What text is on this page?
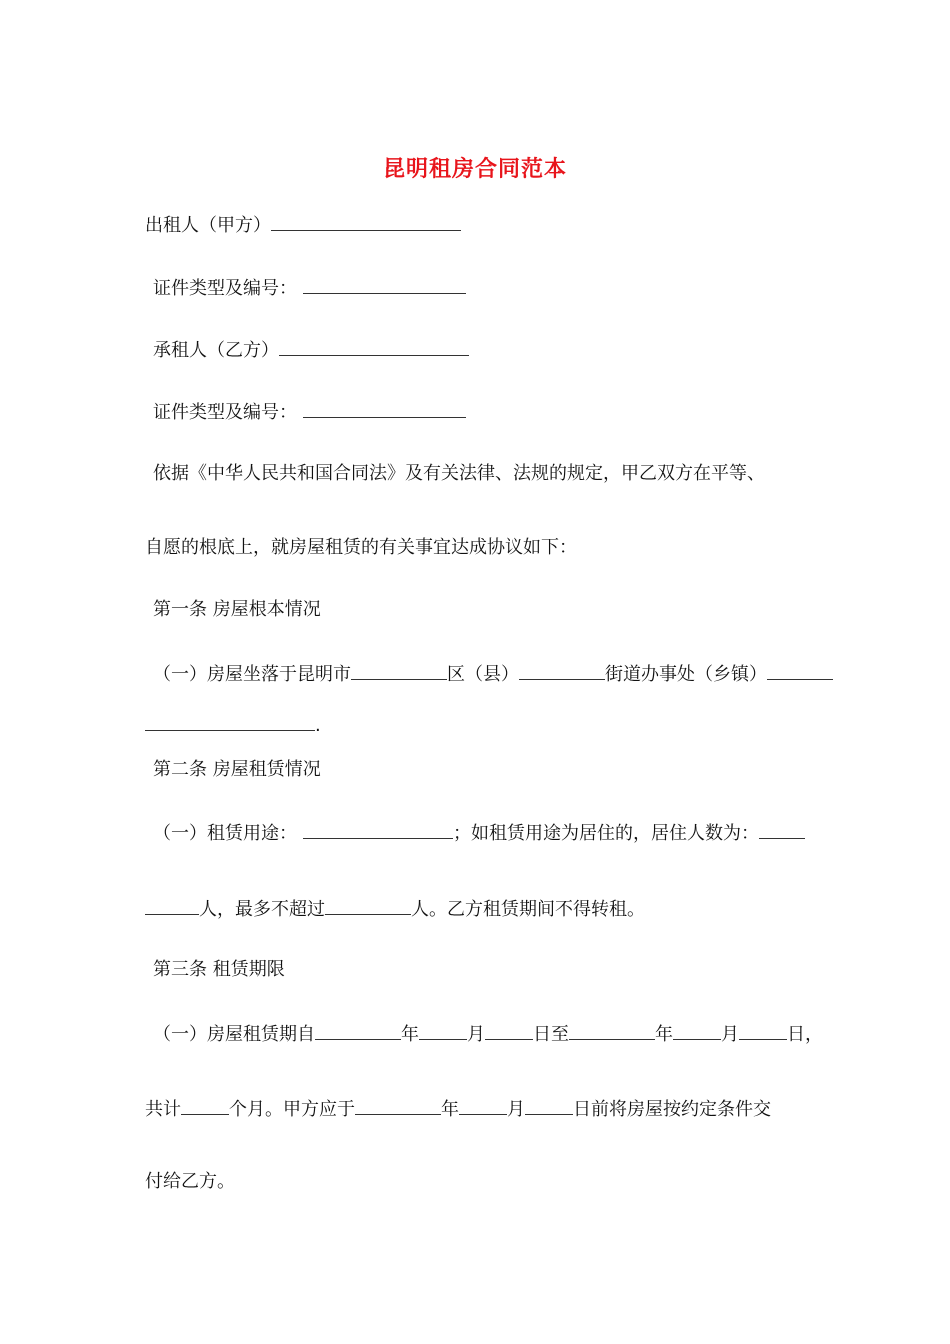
昆明租房合同范本
出租人（甲方）
证件类型及编号：
承租人（乙方）
证件类型及编号：
依据《中华人民共和国合同法》及有关法律、法规的规定，甲乙双方在平等、
自愿的根底上，就房屋租赁的有关事宜达成协议如下：
第一条 房屋根本情况
（一）房屋坐落于昆明市	区（县）	街道办事处（乡镇）
.
第二条 房屋租赁情况
（一）租赁用途：	；如租赁用途为居住的，居住人数为：
人，最多不超过	人。乙方租赁期间不得转租。
第三条 租赁期限
（一）房屋租赁期自	年	月	日至	年	月	日，
共计	个月。甲方应于	年	月	日前将房屋按约定条件交
付给乙方。
